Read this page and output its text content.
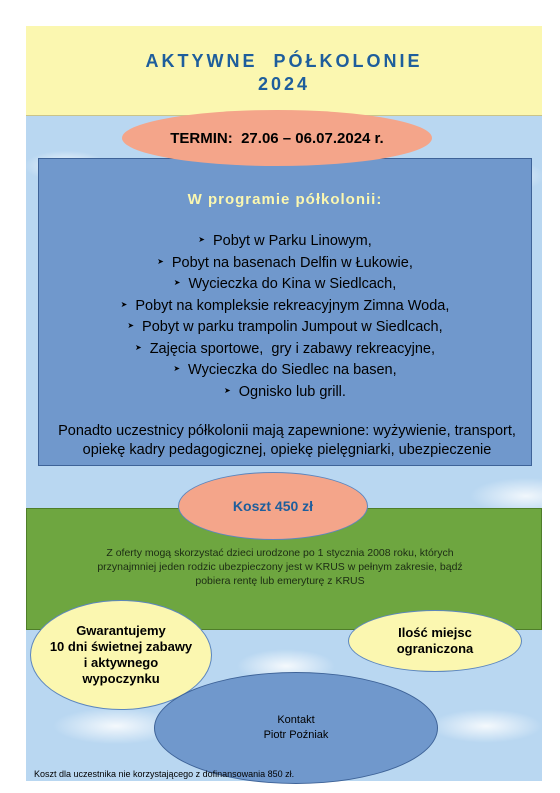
AKTYWNE  PÓŁKOLONIE
2024
W programie półkolonii:
➤ Pobyt w Parku Linowym,
➤ Pobyt na basenach Delfin w Łukowie,
➤ Wycieczka do Kina w Siedlcach,
➤ Pobyt na kompleksie rekreacyjnym Zimna Woda,
➤ Pobyt w parku trampolin Jumpout w Siedlcach,
➤ Zajęcia sportowe,  gry i zabawy rekreacyjne,
➤ Wycieczka do Siedlec na basen,
➤ Ognisko lub grill.
Ponadto uczestnicy półkolonii mają zapewnione: wyżywienie, transport, opiekę kadry pedagogicznej, opiekę pielęgniarki, ubezpieczenie
TERMIN:  27.06 – 06.07.2024 r.
Z oferty mogą skorzystać dzieci urodzone po 1 stycznia 2008 roku, których
przynajmniej jeden rodzic ubezpieczony jest w KRUS w pełnym zakresie, bądź
pobiera rentę lub emeryturę z KRUS
Koszt 450 zł
Gwarantujemy
10 dni świetnej zabawy
i aktywnego
wypoczynku
Ilość miejsc
ograniczona
Kontakt
Piotr Poźniak
Koszt dla uczestnika nie korzystającego z dofinansowania 850 zł.
